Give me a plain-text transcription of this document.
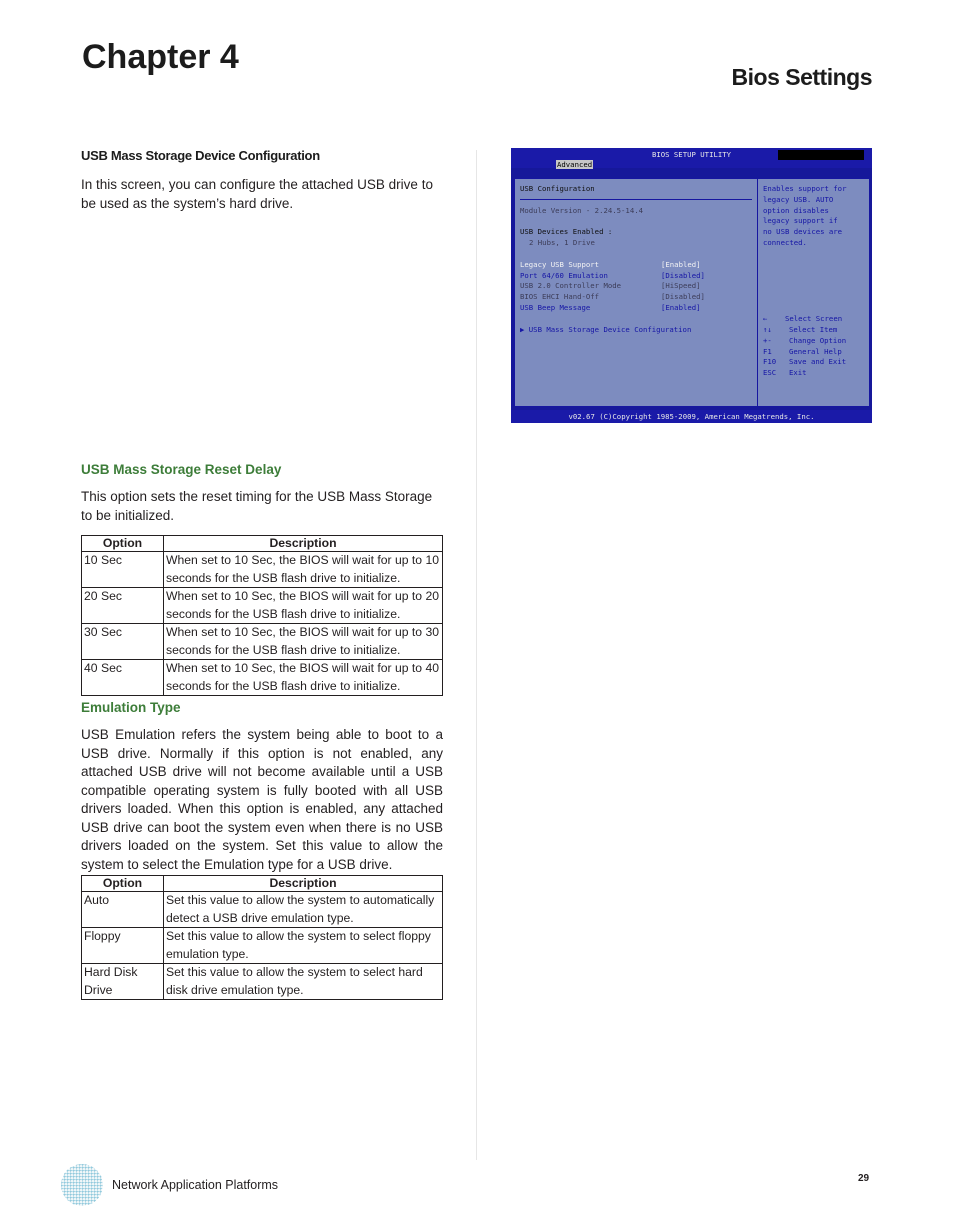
Chapter 4
Bios Settings

USB Mass Storage Device Configuration

In this screen, you can configure the attached USB drive to be used as the system’s hard drive.

BIOS SETUP UTILITY
Advanced
USB Configuration
Module Version - 2.24.5-14.4
USB Devices Enabled :
2 Hubs, 1 Drive
Legacy USB Support	[Enabled]
Port 64/60 Emulation	[Disabled]
USB 2.0 Controller Mode	[HiSpeed]
BIOS EHCI Hand-Off	[Disabled]
USB Beep Message	[Enabled]
▶ USB Mass Storage Device Configuration
Enables support for
legacy USB. AUTO
option disables
legacy support if
no USB devices are
connected.
← Select Screen
↑↓ Select Item
+- Change Option
F1 General Help
F10 Save and Exit
ESC Exit
v02.67 (C)Copyright 1985-2009, American Megatrends, Inc.

USB Mass Storage Reset Delay

This option sets the reset timing for the USB Mass Storage to be initialized.

Option	Description
10 Sec	When set to 10 Sec, the BIOS will wait for up to 10 seconds for the USB flash drive to initialize.
20 Sec	When set to 10 Sec, the BIOS will wait for up to 20 seconds for the USB flash drive to initialize.
30 Sec	When set to 10 Sec, the BIOS will wait for up to 30 seconds for the USB flash drive to initialize.
40 Sec	When set to 10 Sec, the BIOS will wait for up to 40 seconds for the USB flash drive to initialize.

Emulation Type

USB Emulation refers the system being able to boot to a USB drive. Normally if this option is not enabled, any attached USB drive will not become available until a USB compatible operating system is fully booted with all USB drivers loaded. When this option is enabled, any attached USB drive can boot the system even when there is no USB drivers loaded on the system. Set this value to allow the system to select the Emulation type for a USB drive.

Option	Description
Auto	Set this value to allow the system to automatically detect a USB drive emulation type.
Floppy	Set this value to allow the system to select floppy emulation type.
Hard Disk Drive	Set this value to allow the system to select hard disk drive emulation type.

Network Application Platforms	29
